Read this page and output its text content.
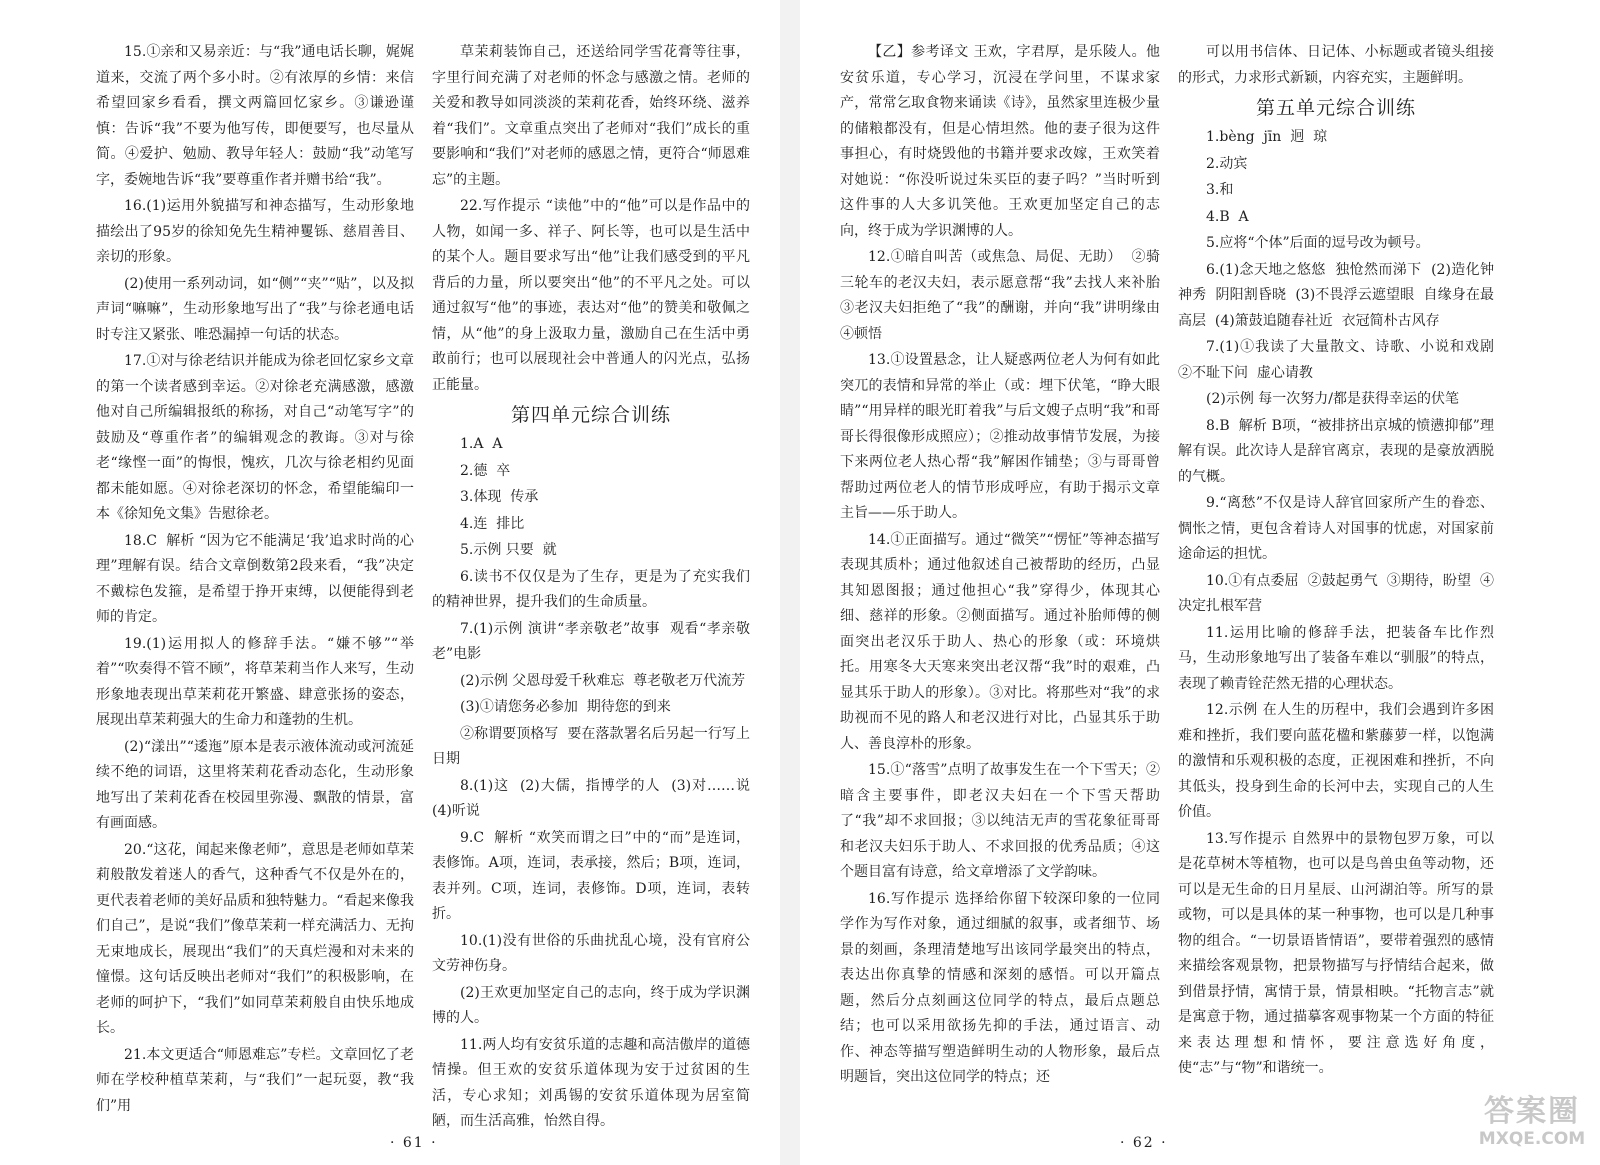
15.①亲和又易亲近：与“我”通电话长聊，娓娓道来，交流了两个多小时。②有浓厚的乡情：来信希望回家乡看看，撰文两篇回忆家乡。③谦逊谨慎：告诉“我”不要为他写传，即便要写，也尽量从简。④爱护、勉励、教导年轻人：鼓励“我”动笔写字，委婉地告诉“我”要尊重作者并赠书给“我”。

16.(1)运用外貌描写和神态描写，生动形象地描绘出了95岁的徐知免先生精神矍铄、慈眉善目、亲切的形象。

(2)使用一系列动词，如“侧”“夹”“贴”，以及拟声词“嘛嘛”，生动形象地写出了“我”与徐老通电话时专注又紧张、唯恐漏掉一句话的状态。

17.①对与徐老结识并能成为徐老回忆家乡文章的第一个读者感到幸运。②对徐老充满感激，感激他对自己所编辑报纸的称扬，对自己“动笔写字”的鼓励及“尊重作者”的编辑观念的教诲。③对与徐老“缘悭一面”的悔恨，愧疚，几次与徐老相约见面都未能如愿。④对徐老深切的怀念，希望能编印一本《徐知免文集》告慰徐老。

18.C  解析 “因为它不能满足‘我’追求时尚的心理”理解有误。结合文章倒数第2段来看，“我”决定不戴棕色发箍，是希望于挣开束缚，以便能得到老师的肯定。

19.(1)运用拟人的修辞手法。“嫌不够”“举着”“吹奏得不管不顾”，将草茉莉当作人来写，生动形象地表现出草茉莉花开繁盛、肆意张扬的姿态，展现出草茉莉强大的生命力和蓬勃的生机。

(2)“漾出”“逶迤”原本是表示液体流动或河流延续不绝的词语，这里将茉莉花香动态化，生动形象地写出了茉莉花香在校园里弥漫、飘散的情景，富有画面感。

20.“这花，闻起来像老师”，意思是老师如草茉莉般散发着迷人的香气，这种香气不仅是外在的，更代表着老师的美好品质和独特魅力。“看起来像我们自己”，是说“我们”像草茉莉一样充满活力、无拘无束地成长，展现出“我们”的天真烂漫和对未来的憧憬。这句话反映出老师对“我们”的积极影响，在老师的呵护下，“我们”如同草茉莉般自由快乐地成长。

21.本文更适合“师恩难忘”专栏。文章回忆了老师在学校种植草茉莉，与“我们”一起玩耍，教“我们”用

草茉莉装饰自己，还送给同学雪花膏等往事，字里行间充满了对老师的怀念与感激之情。老师的关爱和教导如同淡淡的茉莉花香，始终环绕、滋养着“我们”。文章重点突出了老师对“我们”成长的重要影响和“我们”对老师的感恩之情，更符合“师恩难忘”的主题。

22.写作提示 “读他”中的“他”可以是作品中的人物，如闻一多、祥子、阿长等，也可以是生活中的某个人。题目要求写出“他”让我们感受到的平凡背后的力量，所以要突出“他”的不平凡之处。可以通过叙写“他”的事迹，表达对“他”的赞美和敬佩之情，从“他”的身上汲取力量，激励自己在生活中勇敢前行；也可以展现社会中普通人的闪光点，弘扬正能量。

第四单元综合训练

1.A  A

2.德  卒

3.体现  传承

4.连  排比

5.示例 只要  就

6.读书不仅仅是为了生存，更是为了充实我们的精神世界，提升我们的生命质量。

7.(1)示例 演讲“孝亲敬老”故事  观看“孝亲敬老”电影

(2)示例 父恩母爱千秋难忘  尊老敬老万代流芳

(3)①请您务必参加  期待您的到来

②称谓要顶格写  要在落款署名后另起一行写上日期

8.(1)这  (2)大儒，指博学的人  (3)对……说  (4)听说

9.C  解析 “欢笑而谓之曰”中的“而”是连词，表修饰。A项，连词，表承接，然后；B项，连词，表并列。C项，连词，表修饰。D项，连词，表转折。

10.(1)没有世俗的乐曲扰乱心境，没有官府公文劳神伤身。

(2)王欢更加坚定自己的志向，终于成为学识渊博的人。

11.两人均有安贫乐道的志趣和高洁傲岸的道德情操。但王欢的安贫乐道体现为安于过贫困的生活，专心求知；刘禹锡的安贫乐道体现为居室简陋，而生活高雅，怡然自得。

· 61 ·

【乙】参考译文 王欢，字君厚，是乐陵人。他安贫乐道，专心学习，沉浸在学问里，不谋求家产，常常乞取食物来诵读《诗》，虽然家里连极少量的储粮都没有，但是心情坦然。他的妻子很为这件事担心，有时烧毁他的书籍并要求改嫁，王欢笑着对她说：“你没听说过朱买臣的妻子吗？”当时听到这件事的人大多讥笑他。王欢更加坚定自己的志向，终于成为学识渊博的人。

12.①暗自叫苦（或焦急、局促、无助）  ②骑三轮车的老汉夫妇，表示愿意帮“我”去找人来补胎  ③老汉夫妇拒绝了“我”的酬谢，并向“我”讲明缘由  ④顿悟

13.①设置悬念，让人疑惑两位老人为何有如此突兀的表情和异常的举止（或：埋下伏笔，“睁大眼睛”“用异样的眼光盯着我”与后文嫂子点明“我”和哥哥长得很像形成照应）；②推动故事情节发展，为接下来两位老人热心帮“我”解困作铺垫；③与哥哥曾帮助过两位老人的情节形成呼应，有助于揭示文章主旨——乐于助人。

14.①正面描写。通过“微笑”“愣怔”等神态描写表现其质朴；通过他叙述自己被帮助的经历，凸显其知恩图报；通过他担心“我”穿得少，体现其心细、慈祥的形象。②侧面描写。通过补胎师傅的侧面突出老汉乐于助人、热心的形象（或：环境烘托。用寒冬大天寒来突出老汉帮“我”时的艰难，凸显其乐于助人的形象）。③对比。将那些对“我”的求助视而不见的路人和老汉进行对比，凸显其乐于助人、善良淳朴的形象。

15.①“落雪”点明了故事发生在一个下雪天；②暗含主要事件，即老汉夫妇在一个下雪天帮助了“我”却不求回报；③以纯洁无声的雪花象征哥哥和老汉夫妇乐于助人、不求回报的优秀品质；④这个题目富有诗意，给文章增添了文学韵味。

16.写作提示 选择给你留下较深印象的一位同学作为写作对象，通过细腻的叙事，或者细节、场景的刻画，条理清楚地写出该同学最突出的特点，表达出你真挚的情感和深刻的感悟。可以开篇点题，然后分点刻画这位同学的特点，最后点题总结；也可以采用欲扬先抑的手法，通过语言、动作、神态等描写塑造鲜明生动的人物形象，最后点明题旨，突出这位同学的特点；还

可以用书信体、日记体、小标题或者镜头组接的形式，力求形式新颖，内容充实，主题鲜明。

第五单元综合训练

1.bèng  jīn  迥  琼

2.动宾

3.和

4.B  A

5.应将“个体”后面的逗号改为顿号。

6.(1)念天地之悠悠  独怆然而涕下  (2)造化钟神秀  阴阳割昏晓  (3)不畏浮云遮望眼  自缘身在最高层  (4)箫鼓追随春社近  衣冠简朴古风存

7.(1)①我读了大量散文、诗歌、小说和戏剧  ②不耻下问  虚心请教

(2)示例 每一次努力/都是获得幸运的伏笔

8.B  解析 B项，“被排挤出京城的愤懑抑郁”理解有误。此次诗人是辞官离京，表现的是豪放洒脱的气概。

9.“离愁”不仅是诗人辞官回家所产生的眷恋、惆怅之情，更包含着诗人对国事的忧虑，对国家前途命运的担忧。

10.①有点委屈  ②鼓起勇气  ③期待，盼望  ④决定扎根军营

11.运用比喻的修辞手法，把装备车比作烈马，生动形象地写出了装备车难以“驯服”的特点，表现了赖青铨茫然无措的心理状态。

12.示例 在人生的历程中，我们会遇到许多困难和挫折，我们要向蓝花楹和紫藤萝一样，以饱满的激情和乐观积极的态度，正视困难和挫折，不向其低头，投身到生命的长河中去，实现自己的人生价值。

13.写作提示 自然界中的景物包罗万象，可以是花草树木等植物，也可以是鸟兽虫鱼等动物，还可以是无生命的日月星辰、山河湖泊等。所写的景或物，可以是具体的某一种事物，也可以是几种事物的组合。“一切景语皆情语”，要带着强烈的感情来描绘客观景物，把景物描写与抒情结合起来，做到借景抒情，寓情于景，情景相映。“托物言志”就是寓意于物，通过描摹客观事物某一个方面的特征来表达理想和情怀，要注意选好角度，使“志”与“物”和谐统一。

· 62 ·
答案圈
MXQE.COM
